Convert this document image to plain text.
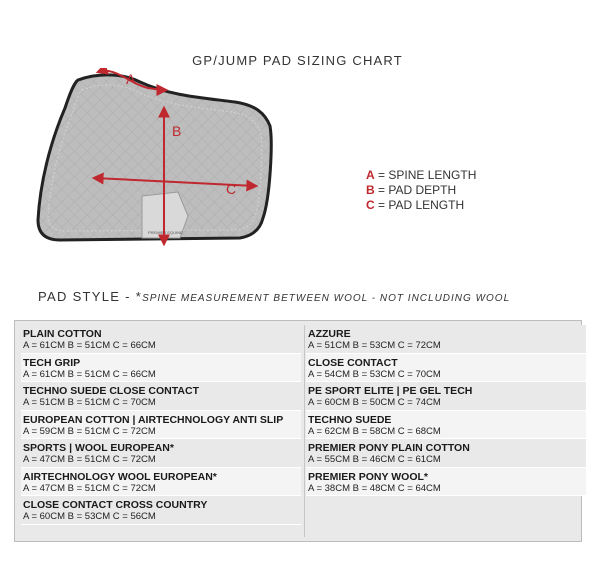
GP/JUMP PAD SIZING CHART
PREMIER EQUINE
A
B
C
A = SPINE LENGTH
B = PAD DEPTH
C = PAD LENGTH
PAD STYLE - *SPINE MEASUREMENT BETWEEN WOOL - NOT INCLUDING WOOL
PLAIN COTTON
A = 61CM B = 51CM C = 66CM
TECH GRIP
A = 61CM B = 51CM C = 66CM
TECHNO SUEDE CLOSE CONTACT
A = 51CM B = 51CM C = 70CM
EUROPEAN COTTON | AIRTECHNOLOGY ANTI SLIP
A = 59CM B = 51CM C = 72CM
SPORTS | WOOL EUROPEAN*
A = 47CM B = 51CM C = 72CM
AIRTECHNOLOGY WOOL EUROPEAN*
A = 47CM B = 51CM C = 72CM
CLOSE CONTACT CROSS COUNTRY
A = 60CM B = 53CM C = 56CM
AZZURE
A = 51CM B = 53CM C = 72CM
CLOSE CONTACT
A = 54CM B = 53CM C = 70CM
PE SPORT ELITE | PE GEL TECH
A = 60CM B = 50CM C = 74CM
TECHNO SUEDE
A = 62CM B = 58CM C = 68CM
PREMIER PONY PLAIN COTTON
A = 55CM B = 46CM C = 61CM
PREMIER PONY WOOL*
A = 38CM B = 48CM C = 64CM
